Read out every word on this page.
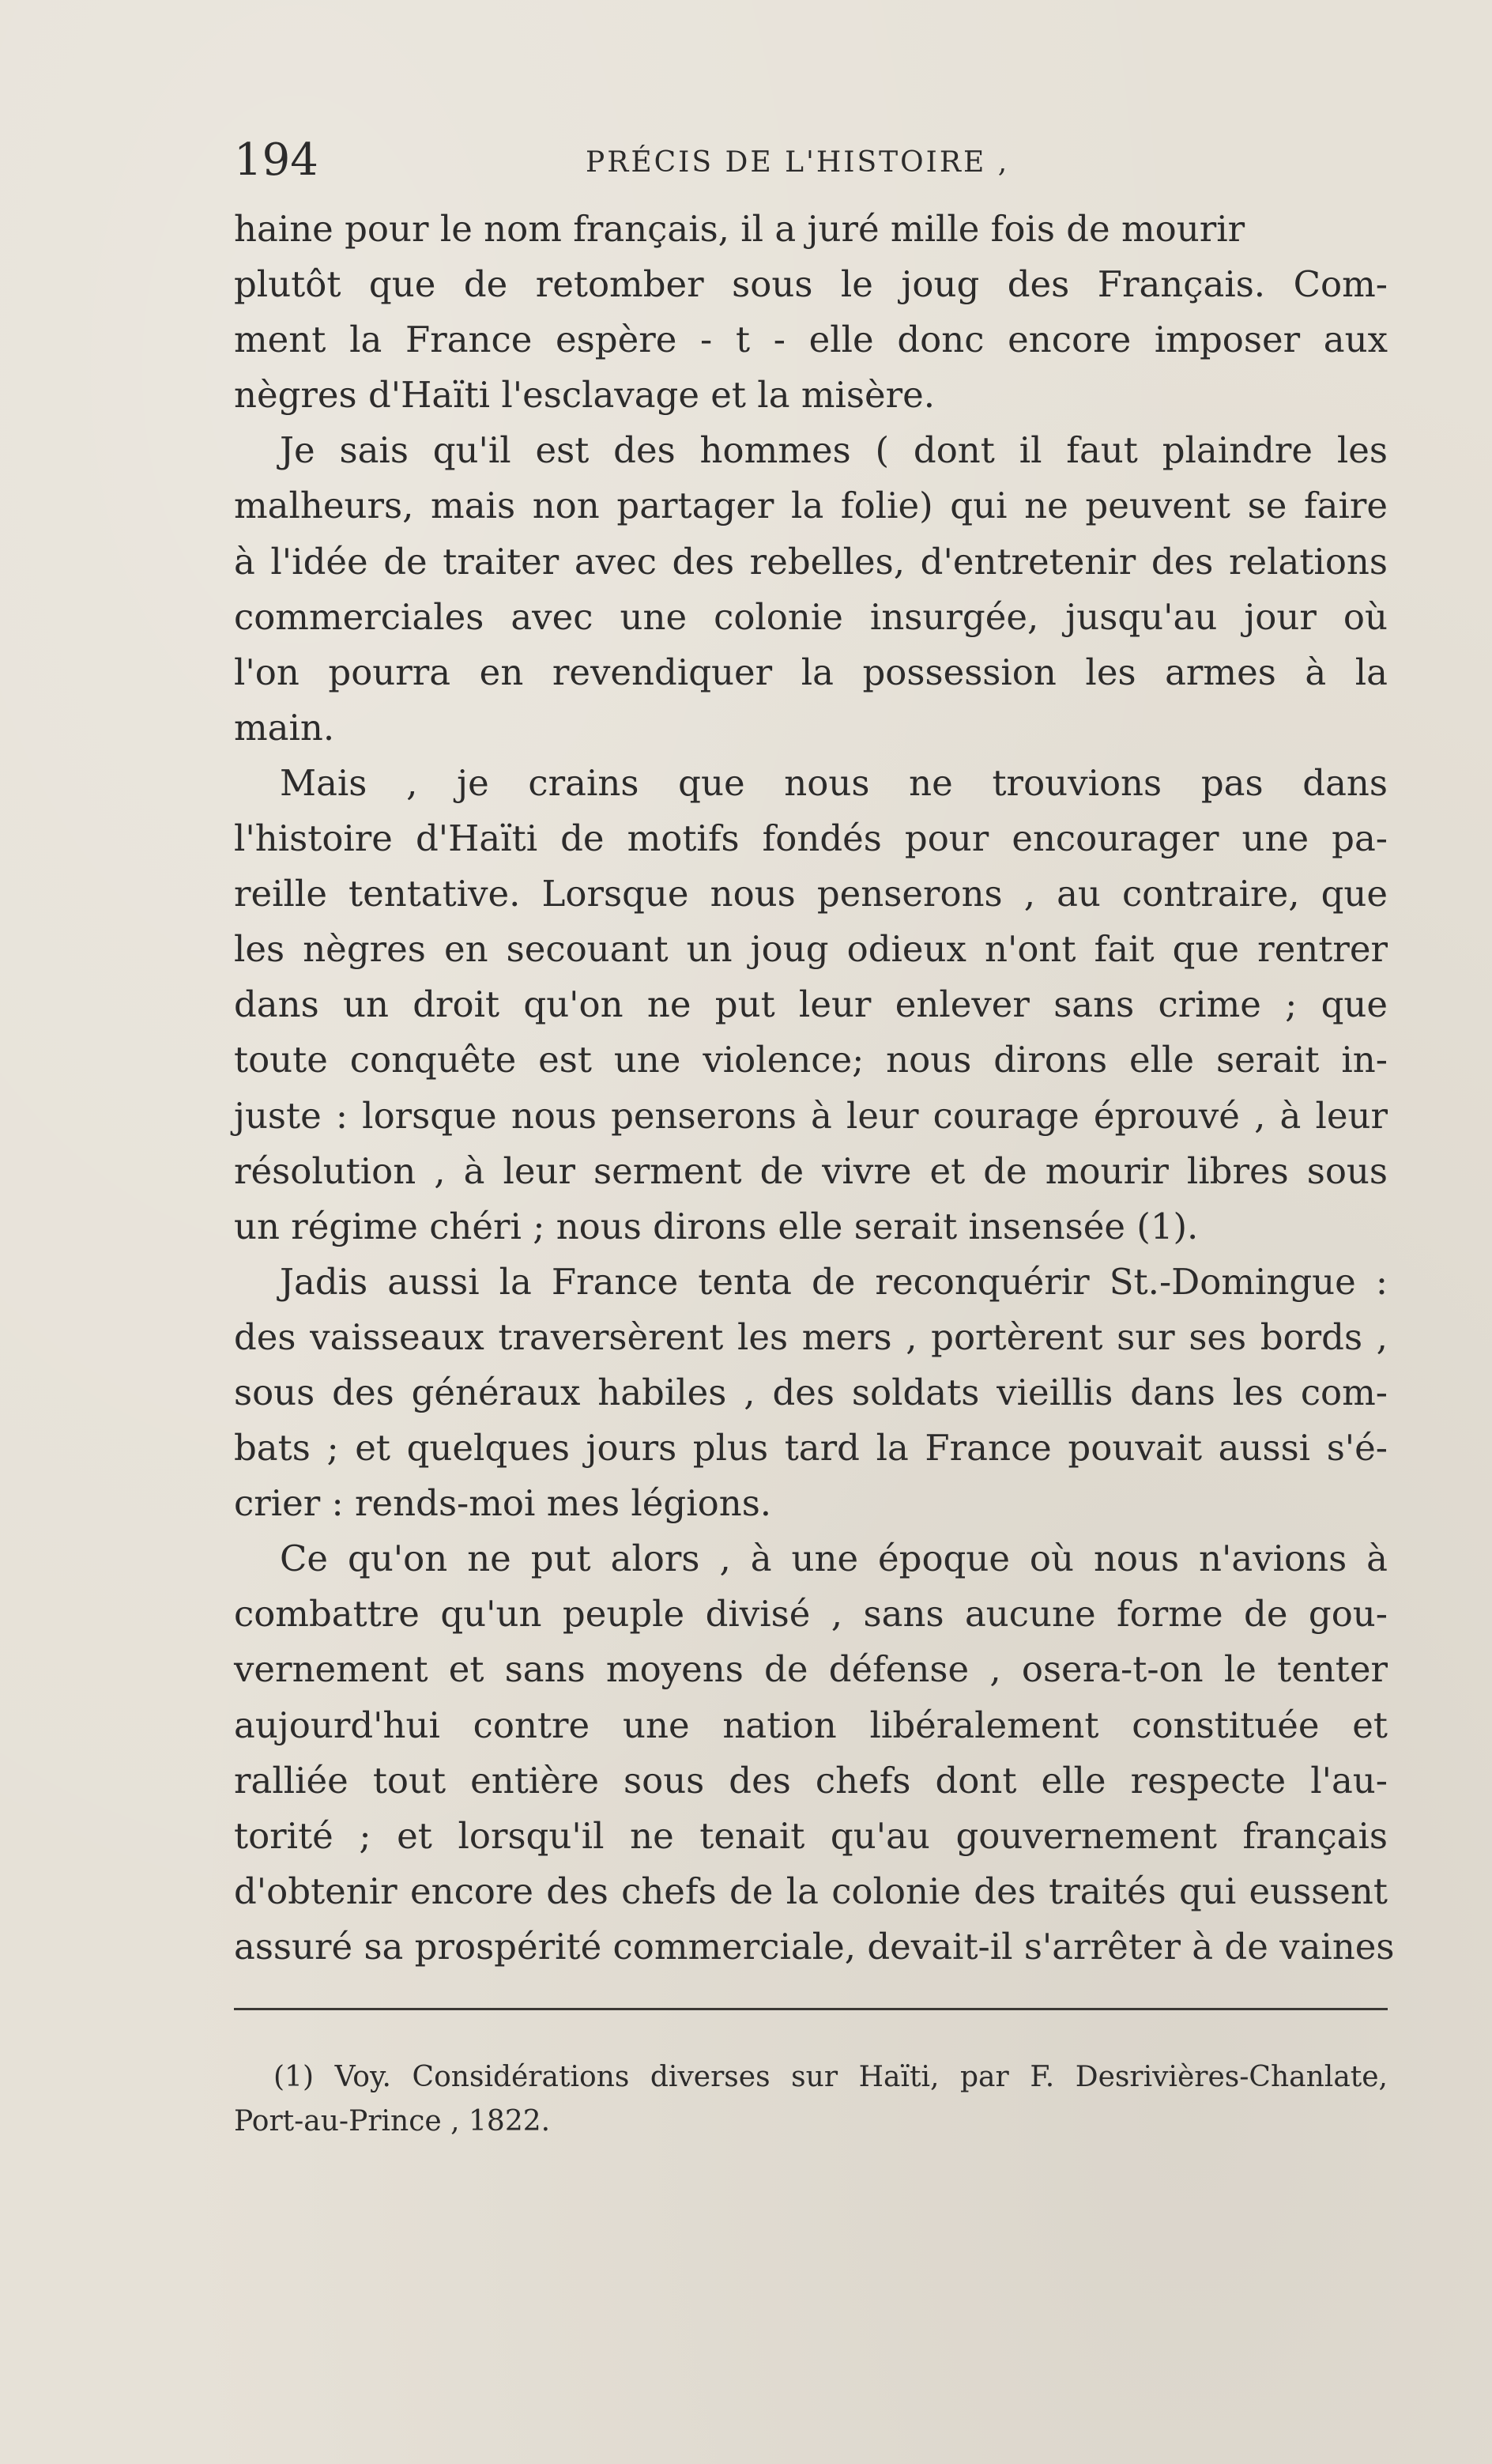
194	PRÉCIS DE L'HISTOIRE ,
haine pour le nom français, il a juré mille fois de mourir
plutôt que de retomber sous le joug des Français. Com-
ment la France espère - t - elle donc encore imposer aux
nègres d'Haïti l'esclavage et la misère.
Je sais qu'il est des hommes ( dont il faut plaindre les
malheurs, mais non partager la folie) qui ne peuvent se faire
à l'idée de traiter avec des rebelles, d'entretenir des relations
commerciales avec une colonie insurgée, jusqu'au jour où
l'on pourra en revendiquer la possession les armes à la
main.
Mais , je crains que nous ne trouvions pas dans
l'histoire d'Haïti de motifs fondés pour encourager une pa-
reille tentative. Lorsque nous penserons , au contraire, que
les nègres en secouant un joug odieux n'ont fait que rentrer
dans un droit qu'on ne put leur enlever sans crime ; que
toute conquête est une violence; nous dirons elle serait in-
juste : lorsque nous penserons à leur courage éprouvé , à leur
résolution , à leur serment de vivre et de mourir libres sous
un régime chéri ; nous dirons elle serait insensée (1).
Jadis aussi la France tenta de reconquérir St.-Domingue :
des vaisseaux traversèrent les mers , portèrent sur ses bords ,
sous des généraux habiles , des soldats vieillis dans les com-
bats ; et quelques jours plus tard la France pouvait aussi s'é-
crier : rends-moi mes légions.
Ce qu'on ne put alors , à une époque où nous n'avions à
combattre qu'un peuple divisé , sans aucune forme de gou-
vernement et sans moyens de défense , osera-t-on le tenter
aujourd'hui contre une nation libéralement constituée et
ralliée tout entière sous des chefs dont elle respecte l'au-
torité ; et lorsqu'il ne tenait qu'au gouvernement français
d'obtenir encore des chefs de la colonie des traités qui eussent
assuré sa prospérité commerciale, devait-il s'arrêter à de vaines
(1) Voy. Considérations diverses sur Haïti, par F. Desrivières-Chanlate,
Port-au-Prince , 1822.
